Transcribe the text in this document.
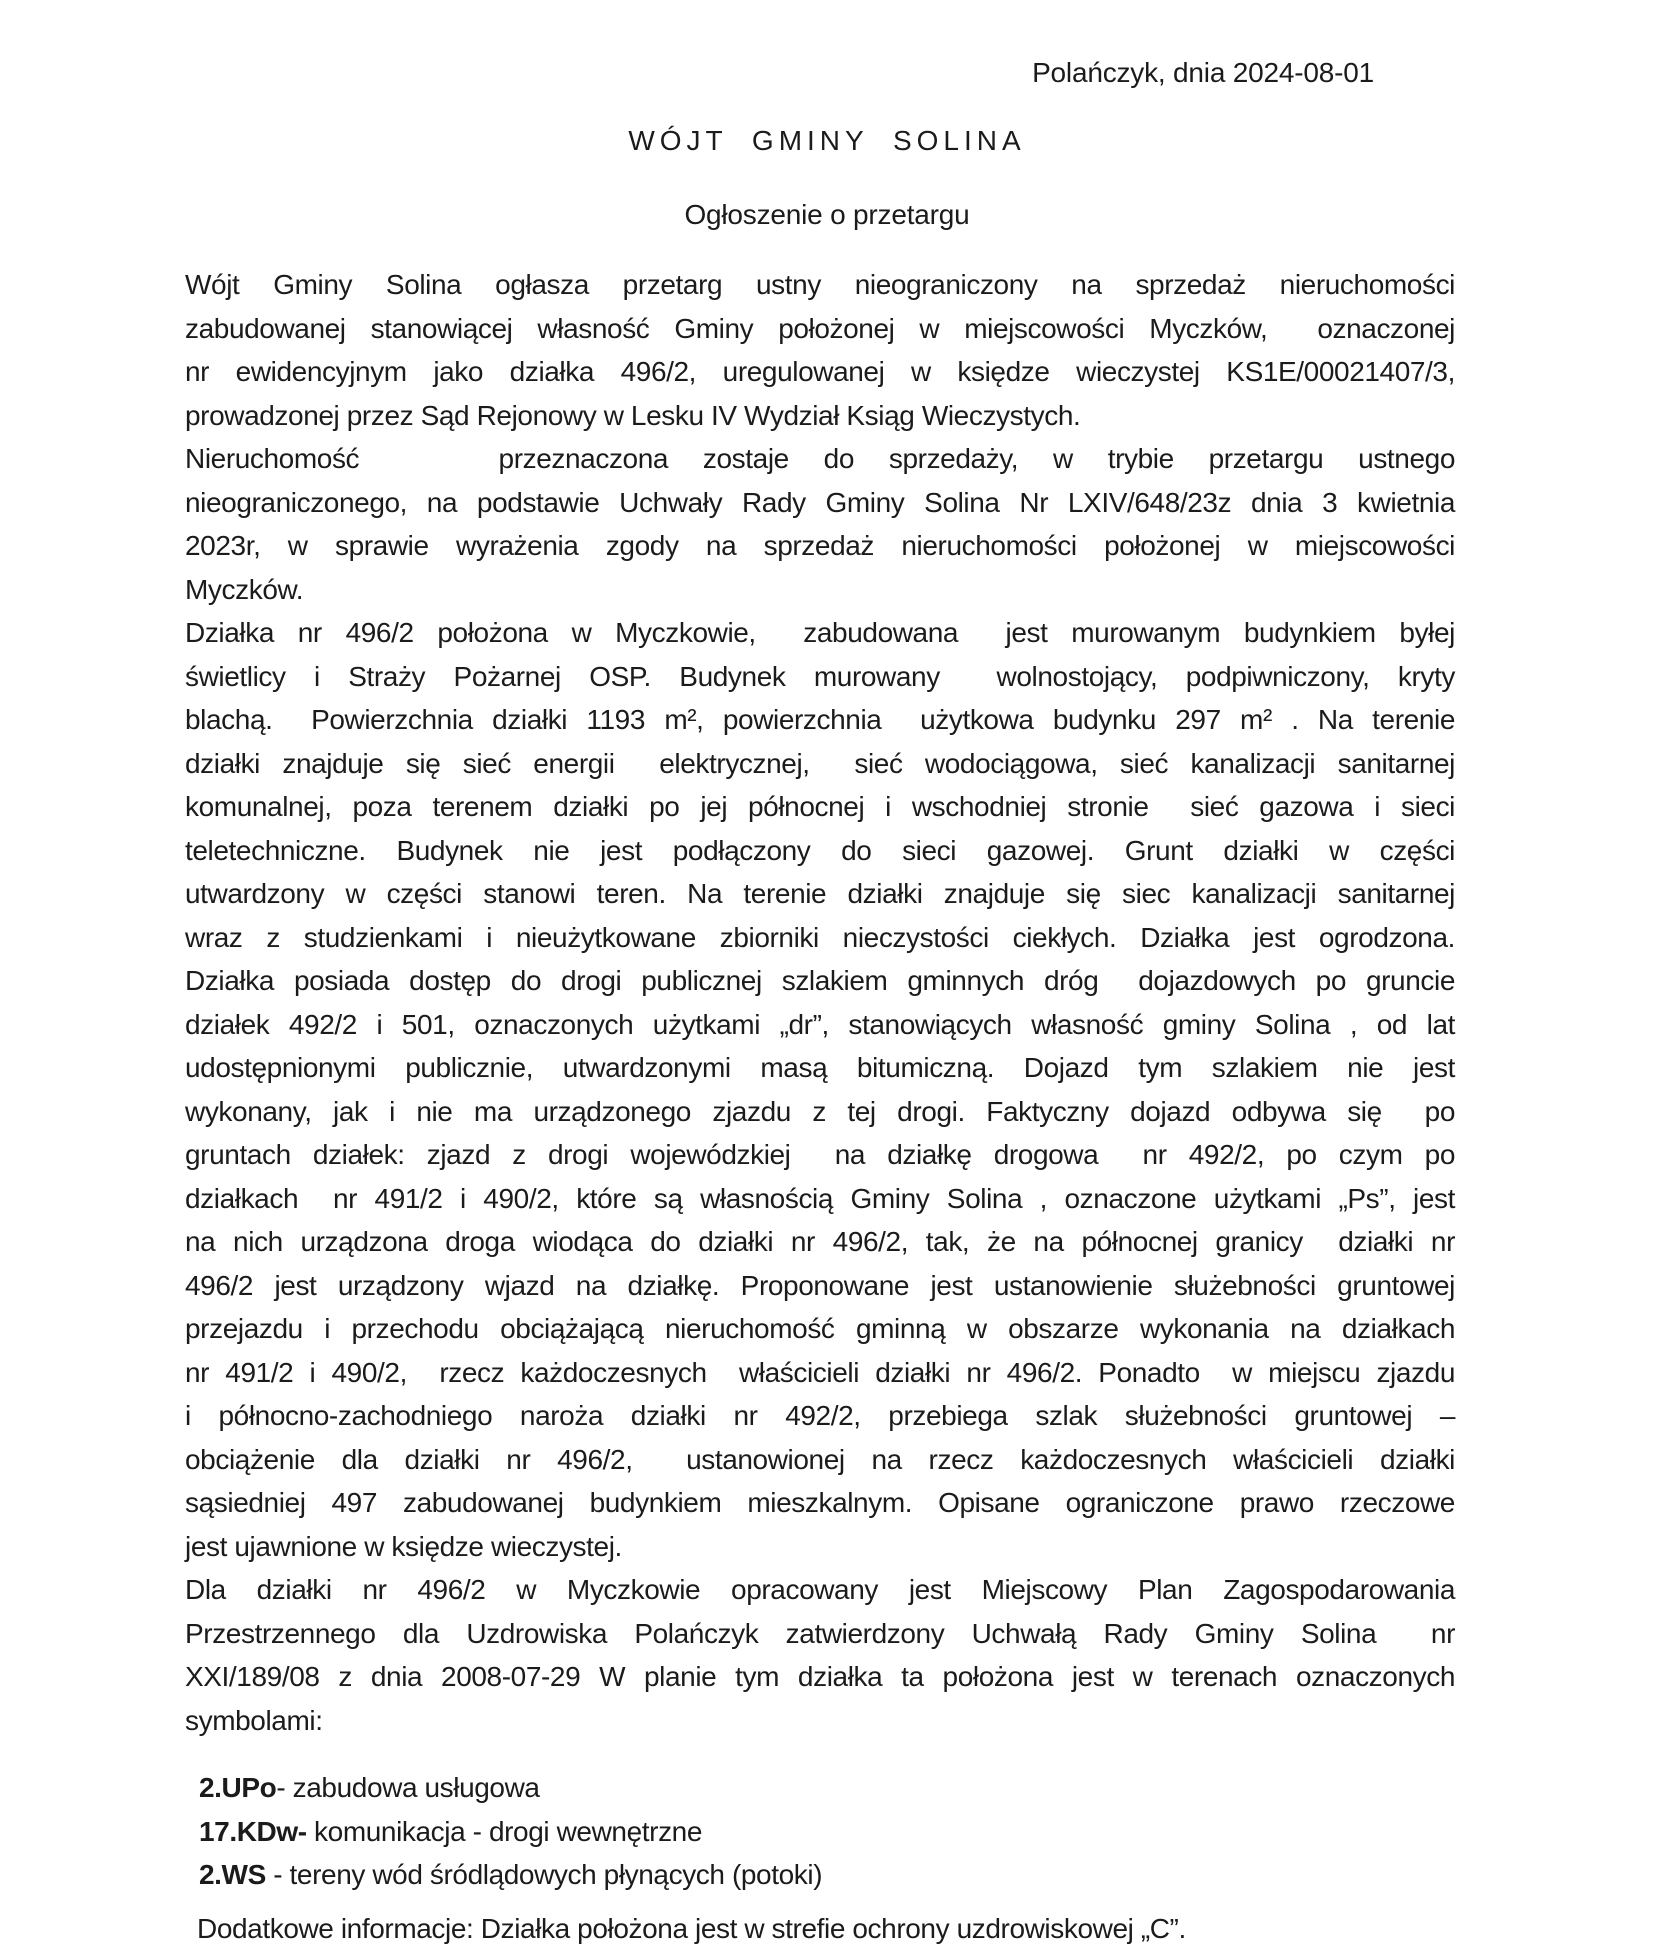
Polańczyk, dnia 2024-08-01
WÓJT GMINY SOLINA
Ogłoszenie o przetargu
Wójt Gminy Solina ogłasza przetarg ustny nieograniczony na sprzedaż nieruchomości
zabudowanej stanowiącej własność Gminy położonej w miejscowości Myczków,  oznaczonej
nr ewidencyjnym jako działka 496/2, uregulowanej w księdze wieczystej KS1E/00021407/3,
prowadzonej przez Sąd Rejonowy w Lesku IV Wydział Ksiąg Wieczystych.
Nieruchomość    przeznaczona zostaje do sprzedaży, w trybie przetargu ustnego
nieograniczonego, na podstawie Uchwały Rady Gminy Solina Nr LXIV/648/23z dnia 3 kwietnia
2023r, w sprawie wyrażenia zgody na sprzedaż nieruchomości położonej w miejscowości
Myczków.
Działka nr 496/2 położona w Myczkowie,  zabudowana  jest murowanym budynkiem byłej
świetlicy i Straży Pożarnej OSP. Budynek murowany  wolnostojący, podpiwniczony, kryty
blachą.  Powierzchnia działki 1193 m², powierzchnia  użytkowa budynku 297 m² . Na terenie
działki znajduje się sieć energii  elektrycznej,  sieć wodociągowa, sieć kanalizacji sanitarnej
komunalnej, poza terenem działki po jej północnej i wschodniej stronie  sieć gazowa i sieci
teletechniczne. Budynek nie jest podłączony do sieci gazowej. Grunt działki w części
utwardzony w części stanowi teren. Na terenie działki znajduje się siec kanalizacji sanitarnej
wraz z studzienkami i nieużytkowane zbiorniki nieczystości ciekłych. Działka jest ogrodzona.
Działka posiada dostęp do drogi publicznej szlakiem gminnych dróg  dojazdowych po gruncie
działek 492/2 i 501, oznaczonych użytkami „dr”, stanowiących własność gminy Solina , od lat
udostępnionymi publicznie, utwardzonymi masą bitumiczną. Dojazd tym szlakiem nie jest
wykonany, jak i nie ma urządzonego zjazdu z tej drogi. Faktyczny dojazd odbywa się  po
gruntach działek: zjazd z drogi wojewódzkiej  na działkę drogowa  nr 492/2, po czym po
działkach  nr 491/2 i 490/2, które są własnością Gminy Solina , oznaczone użytkami „Ps”, jest
na nich urządzona droga wiodąca do działki nr 496/2, tak, że na północnej granicy  działki nr
496/2 jest urządzony wjazd na działkę. Proponowane jest ustanowienie służebności gruntowej
przejazdu i przechodu obciążającą nieruchomość gminną w obszarze wykonania na działkach
nr 491/2 i 490/2,  rzecz każdoczesnych  właścicieli działki nr 496/2. Ponadto  w miejscu zjazdu
i północno-zachodniego naroża działki nr 492/2, przebiega szlak służebności gruntowej –
obciążenie dla działki nr 496/2,  ustanowionej na rzecz każdoczesnych właścicieli działki
sąsiedniej 497 zabudowanej budynkiem mieszkalnym. Opisane ograniczone prawo rzeczowe
jest ujawnione w księdze wieczystej.
Dla działki nr 496/2 w Myczkowie opracowany jest Miejscowy Plan Zagospodarowania
Przestrzennego dla Uzdrowiska Polańczyk zatwierdzony Uchwałą Rady Gminy Solina  nr
XXI/189/08 z dnia 2008-07-29 W planie tym działka ta położona jest w terenach oznaczonych
symbolami:
2.UPo- zabudowa usługowa
17.KDw- komunikacja - drogi wewnętrzne
2.WS - tereny wód śródlądowych płynących (potoki)
Dodatkowe informacje: Działka położona jest w strefie ochrony uzdrowiskowej „C”.
